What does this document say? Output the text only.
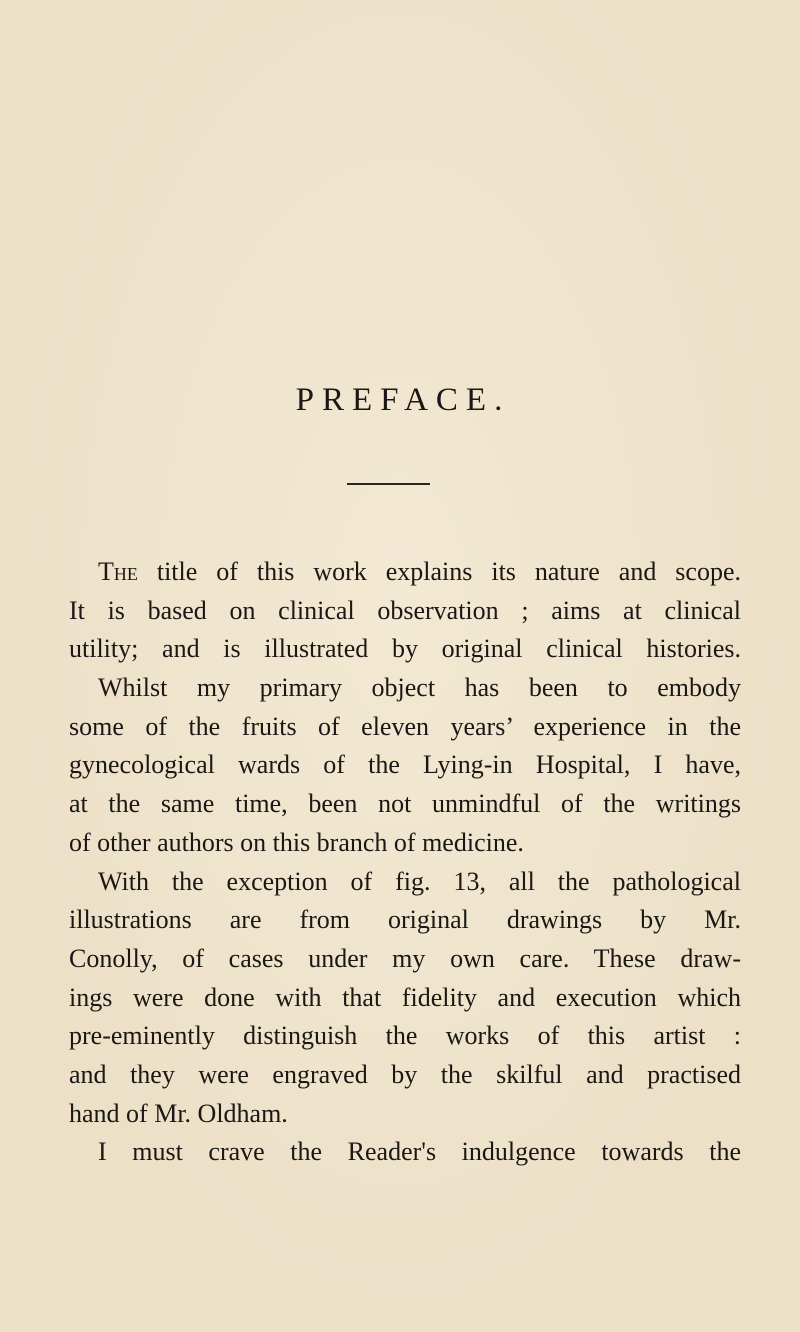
PREFACE.
The title of this work explains its nature and scope.
It is based on clinical observation ; aims at clinical
utility; and is illustrated by original clinical histories.
Whilst my primary object has been to embody
some of the fruits of eleven years’ experience in the
gynecological wards of the Lying-in Hospital, I have,
at the same time, been not unmindful of the writings
of other authors on this branch of medicine.
With the exception of fig. 13, all the pathological
illustrations are from original drawings by Mr.
Conolly, of cases under my own care. These draw-
ings were done with that fidelity and execution which
pre-eminently distinguish the works of this artist :
and they were engraved by the skilful and practised
hand of Mr. Oldham.
I must crave the Reader's indulgence towards the
